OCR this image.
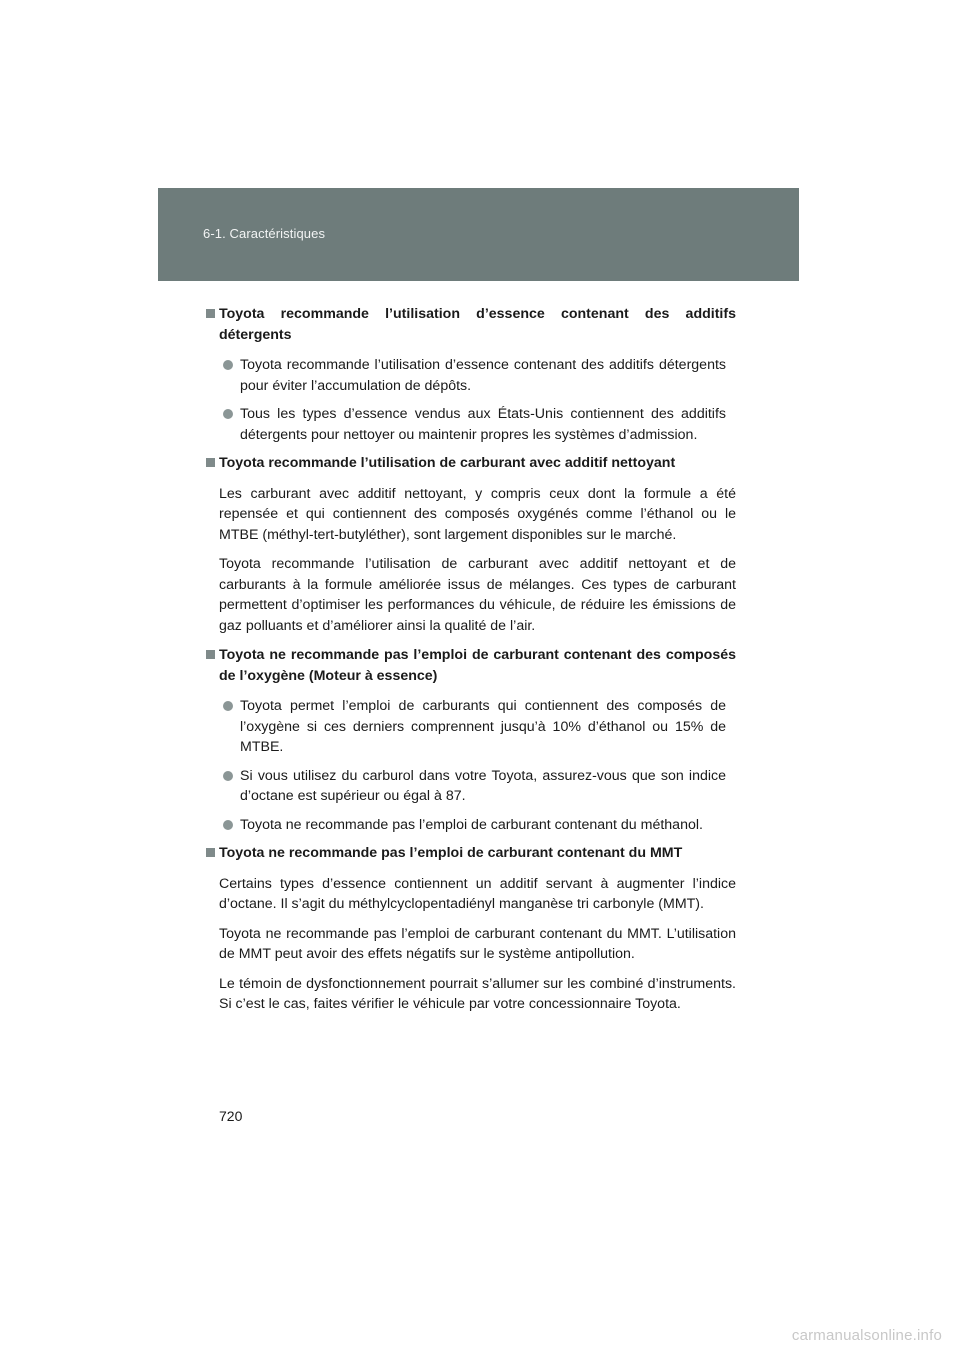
6-1. Caractéristiques

Toyota recommande l’utilisation d’essence contenant des additifs détergents

Toyota recommande l’utilisation d’essence contenant des additifs détergents pour éviter l’accumulation de dépôts.

Tous les types d’essence vendus aux États-Unis contiennent des additifs détergents pour nettoyer ou maintenir propres les systèmes d’admission.

Toyota recommande l’utilisation de carburant avec additif nettoyant

Les carburant avec additif nettoyant, y compris ceux dont la formule a été repensée et qui contiennent des composés oxygénés comme l’éthanol ou le MTBE (méthyl-tert-butyléther), sont largement disponibles sur le marché.

Toyota recommande l’utilisation de carburant avec additif nettoyant et de carburants à la formule améliorée issus de mélanges. Ces types de carburant permettent d’optimiser les performances du véhicule, de réduire les émissions de gaz polluants et d’améliorer ainsi la qualité de l’air.

Toyota ne recommande pas l’emploi de carburant contenant des composés de l’oxygène (Moteur à essence)

Toyota permet l’emploi de carburants qui contiennent des composés de l’oxygène si ces derniers comprennent jusqu’à 10% d’éthanol ou 15% de MTBE.

Si vous utilisez du carburol dans votre Toyota, assurez-vous que son indice d’octane est supérieur ou égal à 87.

Toyota ne recommande pas l’emploi de carburant contenant du méthanol.

Toyota ne recommande pas l’emploi de carburant contenant du MMT

Certains types d’essence contiennent un additif servant à augmenter l’indice d’octane. Il s’agit du méthylcyclopentadiényl manganèse tri carbonyle (MMT).

Toyota ne recommande pas l’emploi de carburant contenant du MMT. L’utilisation de MMT peut avoir des effets négatifs sur le système antipollution.

Le témoin de dysfonctionnement pourrait s’allumer sur les combiné d’instruments. Si c’est le cas, faites vérifier le véhicule par votre concessionnaire Toyota.

720
carmanualsonline.info
